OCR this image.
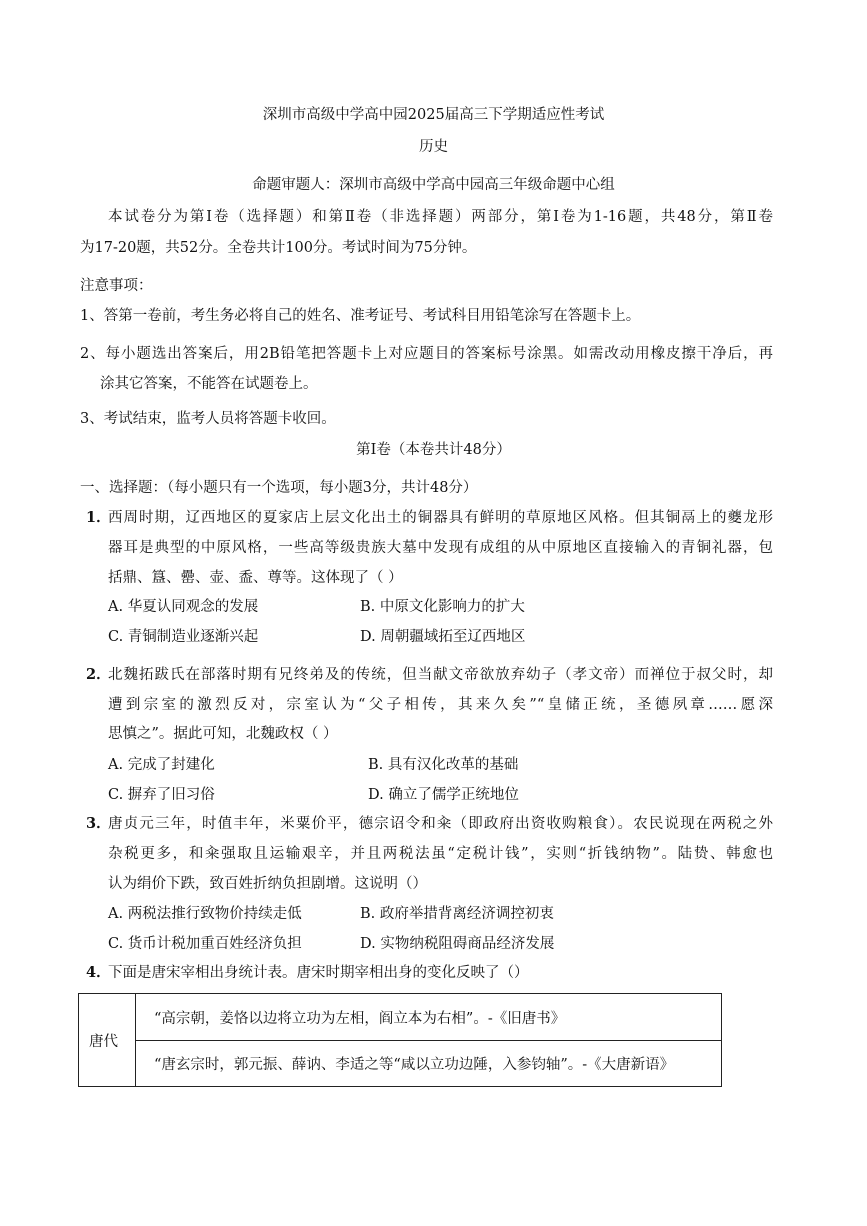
深圳市高级中学高中园2025届高三下学期适应性考试
历史
命题审题人：深圳市高级中学高中园高三年级命题中心组
本试卷分为第Ⅰ卷（选择题）和第Ⅱ卷（非选择题）两部分，第Ⅰ卷为1-16题，共48分，第Ⅱ卷
为17-20题，共52分。全卷共计100分。考试时间为75分钟。
注意事项：
1、答第一卷前，考生务必将自己的姓名、准考证号、考试科目用铅笔涂写在答题卡上。
2、每小题选出答案后，用2B铅笔把答题卡上对应题目的答案标号涂黑。如需改动用橡皮擦干净后，再
涂其它答案，不能答在试题卷上。
3、考试结束，监考人员将答题卡收回。
第Ⅰ卷（本卷共计48分）
一、选择题：（每小题只有一个选项，每小题3分，共计48分）
1．
西周时期，辽西地区的夏家店上层文化出土的铜器具有鲜明的草原地区风格。但其铜鬲上的夔龙形
器耳是典型的中原风格，一些高等级贵族大墓中发现有成组的从中原地区直接输入的青铜礼器，包
括鼎、簋、罍、壶、盉、尊等。这体现了（ ）
A. 华夏认同观念的发展	B. 中原文化影响力的扩大
C. 青铜制造业逐渐兴起	D. 周朝疆域拓至辽西地区
2．
北魏拓跋氏在部落时期有兄终弟及的传统，但当献文帝欲放弃幼子（孝文帝）而禅位于叔父时，却
遭到宗室的激烈反对，宗室认为“父子相传，其来久矣”“皇储正统，圣德夙章……愿深
思慎之”。据此可知，北魏政权（ ）
A. 完成了封建化	B. 具有汉化改革的基础
C. 摒弃了旧习俗	D. 确立了儒学正统地位
3．
唐贞元三年，时值丰年，米粟价平，德宗诏令和籴（即政府出资收购粮食）。农民说现在两税之外
杂税更多，和籴强取且运输艰辛，并且两税法虽“定税计钱”，实则“折钱纳物”。陆贽、韩愈也
认为绢价下跌，致百姓折纳负担剧增。这说明（）
A. 两税法推行致物价持续走低	B. 政府举措背离经济调控初衷
C. 货币计税加重百姓经济负担	D. 实物纳税阻碍商品经济发展
4．
下面是唐宋宰相出身统计表。唐宋时期宰相出身的变化反映了（）
唐代	“高宗朝，姜恪以边将立功为左相，阎立本为右相”。-《旧唐书》
“唐玄宗时，郭元振、薛讷、李适之等“咸以立功边陲，入参钧轴”。-《大唐新语》
